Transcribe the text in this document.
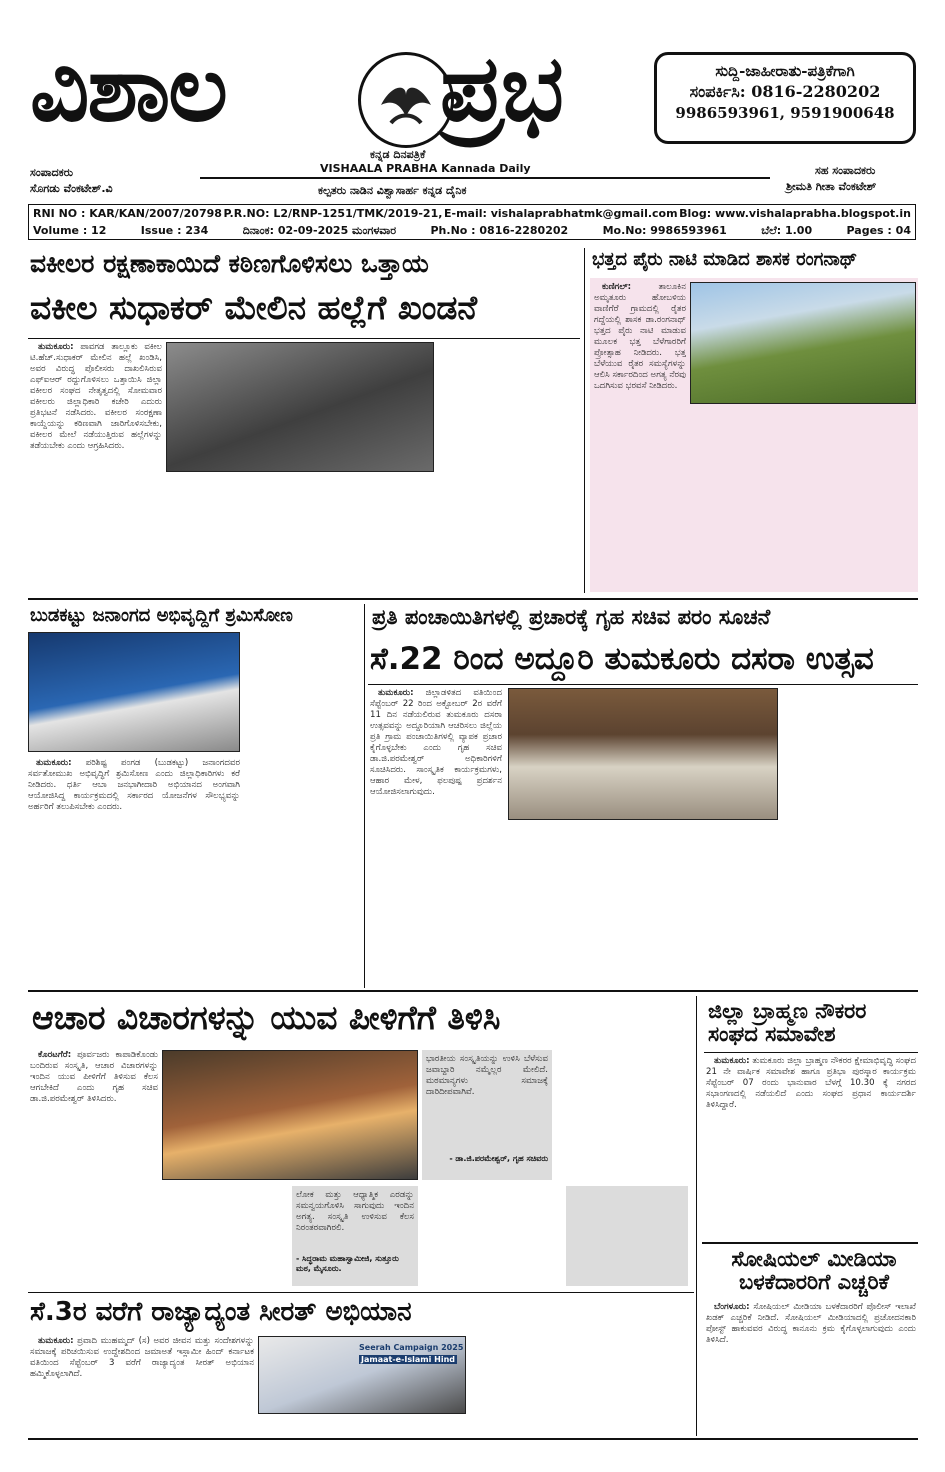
ವಿಶಾಲ ಪ್ರಭ
ಕನ್ನಡ ದಿನಪತ್ರಿಕೆ
VISHAALA PRABHA Kannada Daily
ಸುದ್ದಿ-ಜಾಹೀರಾತು-ಪತ್ರಿಕೆಗಾಗಿ
ಸಂಪರ್ಕಿಸಿ: 0816-2280202
9986593961, 9591900648
ಸಂಪಾದಕರು
ಸೊಗಡು ವೆಂಕಟೇಶ್.ವಿ
ಸಹ ಸಂಪಾದಕರು
ಶ್ರೀಮತಿ ಗೀತಾ ವೆಂಕಟೇಶ್
ಕಲ್ಪತರು ನಾಡಿನ ವಿಶ್ವಾಸಾರ್ಹ ಕನ್ನಡ ದೈನಿಕ
RNI NO : KAR/KAN/2007/20798 P.R.NO: L2/RNP-1251/TMK/2019-21, E-mail: vishalaprabhatmk@gmail.com Blog: www.vishalaprabha.blogspot.in
Volume : 12	Issue : 234	ದಿನಾಂಕ: 02-09-2025 ಮಂಗಳವಾರ	Ph.No : 0816-2280202	Mo.No: 9986593961	ಬೆಲೆ: 1.00	Pages : 04
ವಕೀಲರ ರಕ್ಷಣಾಕಾಯಿದೆ ಕಠಿಣಗೊಳಿಸಲು ಒತ್ತಾಯ
ವಕೀಲ ಸುಧಾಕರ್ ಮೇಲಿನ ಹಲ್ಲೆಗೆ ಖಂಡನೆ

ತುಮಕೂರು: ಪಾವಗಡ ತಾಲ್ಲೂಕು ವಕೀಲ ಟಿ.ಹೆಚ್.ಸುಧಾಕರ್ ಮೇಲಿನ ಹಲ್ಲೆ ಖಂಡಿಸಿ, ಅವರ ವಿರುದ್ಧ ಪೊಲೀಸರು ದಾಖಲಿಸಿರುವ ಎಫ್‌ಐಆರ್ ರದ್ದುಗೊಳಿಸಲು ಒತ್ತಾಯಿಸಿ ಜಿಲ್ಲಾ ವಕೀಲರ ಸಂಘದ ನೇತೃತ್ವದಲ್ಲಿ ಸೋಮವಾರ ವಕೀಲರು ಜಿಲ್ಲಾಧಿಕಾರಿ ಕಚೇರಿ ಎದುರು ಪ್ರತಿಭಟನೆ ನಡೆಸಿದರು. ವಕೀಲರ ಸಂರಕ್ಷಣಾ ಕಾಯ್ದೆಯನ್ನು ಕಠಿಣವಾಗಿ ಜಾರಿಗೊಳಿಸಬೇಕು, ವಕೀಲರ ಮೇಲೆ ನಡೆಯುತ್ತಿರುವ ಹಲ್ಲೆಗಳನ್ನು ತಡೆಯಬೇಕು ಎಂದು ಆಗ್ರಹಿಸಿದರು.

ಭತ್ತದ ಪೈರು ನಾಟಿ ಮಾಡಿದ ಶಾಸಕ ರಂಗನಾಥ್

ಕುಣಿಗಲ್:	ತಾಲೂಕಿನ ಅಮೃತೂರು ಹೋಬಳಿಯ ವಾಣಿಗೆರೆ ಗ್ರಾಮದಲ್ಲಿ ರೈತರ ಗದ್ದೆಯಲ್ಲಿ ಶಾಸಕ ಡಾ.ರಂಗನಾಥ್ ಭತ್ತದ ಪೈರು ನಾಟಿ ಮಾಡುವ ಮೂಲಕ ಭತ್ತ ಬೆಳೆಗಾರರಿಗೆ ಪ್ರೋತ್ಸಾಹ ನೀಡಿದರು. ಭತ್ತ ಬೆಳೆಯುವ ರೈತರ ಸಮಸ್ಯೆಗಳನ್ನು ಆಲಿಸಿ ಸರ್ಕಾರದಿಂದ ಅಗತ್ಯ ನೆರವು ಒದಗಿಸುವ ಭರವಸೆ ನೀಡಿದರು.

ಬುಡಕಟ್ಟು ಜನಾಂಗದ ಅಭಿವೃದ್ದಿಗೆ ಶ್ರಮಿಸೋಣ

ತುಮಕೂರು: ಪರಿಶಿಷ್ಟ ಪಂಗಡ (ಬುಡಕಟ್ಟು) ಜನಾಂಗದವರ ಸರ್ವತೋಮುಖ ಅಭಿವೃದ್ಧಿಗೆ ಶ್ರಮಿಸೋಣ ಎಂದು ಜಿಲ್ಲಾಧಿಕಾರಿಗಳು ಕರೆ ನೀಡಿದರು. ಧರ್ತಿ ಆಬಾ ಜನಭಾಗೀದಾರಿ ಅಭಿಯಾನದ ಅಂಗವಾಗಿ ಆಯೋಜಿಸಿದ್ದ ಕಾರ್ಯಕ್ರಮದಲ್ಲಿ ಸರ್ಕಾರದ ಯೋಜನೆಗಳ ಸೌಲಭ್ಯವನ್ನು ಅರ್ಹರಿಗೆ ತಲುಪಿಸಬೇಕು ಎಂದರು.

ಪ್ರತಿ ಪಂಚಾಯಿತಿಗಳಲ್ಲಿ ಪ್ರಚಾರಕ್ಕೆ ಗೃಹ ಸಚಿವ ಪರಂ ಸೂಚನೆ
ಸೆ.22 ರಿಂದ ಅದ್ದೂರಿ ತುಮಕೂರು ದಸರಾ ಉತ್ಸವ

ತುಮಕೂರು: ಜಿಲ್ಲಾಡಳಿತದ ವತಿಯಿಂದ ಸೆಪ್ಟೆಂಬರ್ 22 ರಿಂದ ಅಕ್ಟೋಬರ್ 2ರ ವರೆಗೆ 11 ದಿನ ನಡೆಯಲಿರುವ ತುಮಕೂರು ದಸರಾ ಉತ್ಸವವನ್ನು ಅದ್ದೂರಿಯಾಗಿ ಆಚರಿಸಲು ಜಿಲ್ಲೆಯ ಪ್ರತಿ ಗ್ರಾಮ ಪಂಚಾಯಿತಿಗಳಲ್ಲಿ ವ್ಯಾಪಕ ಪ್ರಚಾರ ಕೈಗೊಳ್ಳಬೇಕು ಎಂದು ಗೃಹ ಸಚಿವ ಡಾ.ಜಿ.ಪರಮೇಶ್ವರ್ ಅಧಿಕಾರಿಗಳಿಗೆ ಸೂಚಿಸಿದರು. ಸಾಂಸ್ಕೃತಿಕ ಕಾರ್ಯಕ್ರಮಗಳು, ಆಹಾರ ಮೇಳ, ಫಲಪುಷ್ಪ ಪ್ರದರ್ಶನ ಆಯೋಜಿಸಲಾಗುವುದು.

ಆಚಾರ ವಿಚಾರಗಳನ್ನು ಯುವ ಪೀಳಿಗೆಗೆ ತಿಳಿಸಿ

ಕೊರಟಗೆರೆ: ಪೂರ್ವಜರು ಕಾಪಾಡಿಕೊಂಡು ಬಂದಿರುವ ಸಂಸ್ಕೃತಿ, ಆಚಾರ ವಿಚಾರಗಳನ್ನು ಇಂದಿನ ಯುವ ಪೀಳಿಗೆಗೆ ತಿಳಿಸುವ ಕೆಲಸ ಆಗಬೇಕಿದೆ ಎಂದು ಗೃಹ ಸಚಿವ ಡಾ.ಜಿ.ಪರಮೇಶ್ವರ್ ತಿಳಿಸಿದರು.

ಭಾರತೀಯ ಸಂಸ್ಕೃತಿಯನ್ನು ಉಳಿಸಿ ಬೆಳೆಸುವ ಜವಾಬ್ದಾರಿ ನಮ್ಮೆಲ್ಲರ ಮೇಲಿದೆ. ಮಠಮಾನ್ಯಗಳು ಸಮಾಜಕ್ಕೆ ದಾರಿದೀಪವಾಗಿವೆ.
- ಡಾ.ಜಿ.ಪರಮೇಶ್ವರ್, ಗೃಹ ಸಚಿವರು
ಲೋಕ ಮತ್ತು ಆಧ್ಯಾತ್ಮಿಕ ಎರಡನ್ನು ಸಮನ್ವಯಗೊಳಿಸಿ ಸಾಗುವುದು ಇಂದಿನ ಅಗತ್ಯ. ಸಂಸ್ಕೃತಿ ಉಳಿಸುವ ಕೆಲಸ ನಿರಂತರವಾಗಿರಲಿ.
- ಸಿದ್ಧರಾಮ ಮಹಾಸ್ವಾಮೀಜಿ, ಸುತ್ತೂರು ಮಠ, ಮೈಸೂರು.
ಜಿಲ್ಲಾ ಬ್ರಾಹ್ಮಣ ನೌಕರರ ಸಂಘದ ಸಮಾವೇಶ

ತುಮಕೂರು: ತುಮಕೂರು ಜಿಲ್ಲಾ ಬ್ರಾಹ್ಮಣ ನೌಕರರ ಕ್ಷೇಮಾಭಿವೃದ್ಧಿ ಸಂಘದ 21 ನೇ ವಾರ್ಷಿಕ ಸಮಾವೇಶ ಹಾಗೂ ಪ್ರತಿಭಾ ಪುರಸ್ಕಾರ ಕಾರ್ಯಕ್ರಮ ಸೆಪ್ಟೆಂಬರ್ 07 ರಂದು ಭಾನುವಾರ ಬೆಳಗ್ಗೆ 10.30 ಕ್ಕೆ ನಗರದ ಸಭಾಂಗಣದಲ್ಲಿ ನಡೆಯಲಿದೆ ಎಂದು ಸಂಘದ ಪ್ರಧಾನ ಕಾರ್ಯದರ್ಶಿ ತಿಳಿಸಿದ್ದಾರೆ.

ಸೋಷಿಯಲ್ ಮೀಡಿಯಾ ಬಳಕೆದಾರರಿಗೆ ಎಚ್ಚರಿಕೆ

ಬೆಂಗಳೂರು: ಸೋಷಿಯಲ್ ಮೀಡಿಯಾ ಬಳಕೆದಾರರಿಗೆ ಪೊಲೀಸ್ ಇಲಾಖೆ ಖಡಕ್ ಎಚ್ಚರಿಕೆ ನೀಡಿದೆ. ಸೋಷಿಯಲ್ ಮೀಡಿಯಾದಲ್ಲಿ ಪ್ರಚೋದನಕಾರಿ ಪೋಸ್ಟ್ ಹಾಕುವವರ ವಿರುದ್ಧ ಕಾನೂನು ಕ್ರಮ ಕೈಗೊಳ್ಳಲಾಗುವುದು ಎಂದು ತಿಳಿಸಿದೆ.

ಸೆ.3ರ ವರೆಗೆ ರಾಜ್ಯಾದ್ಯಂತ ಸೀರತ್ ಅಭಿಯಾನ

ತುಮಕೂರು: ಪ್ರವಾದಿ ಮುಹಮ್ಮದ್ (ಸ) ಅವರ ಜೀವನ ಮತ್ತು ಸಂದೇಶಗಳನ್ನು ಸಮಾಜಕ್ಕೆ ಪರಿಚಯಿಸುವ ಉದ್ದೇಶದಿಂದ ಜಮಾಅತೆ ಇಸ್ಲಾಮೀ ಹಿಂದ್ ಕರ್ನಾಟಕ ವತಿಯಿಂದ ಸೆಪ್ಟೆಂಬರ್ 3 ವರೆಗೆ ರಾಜ್ಯಾದ್ಯಂತ ಸೀರತ್ ಅಭಿಯಾನ ಹಮ್ಮಿಕೊಳ್ಳಲಾಗಿದೆ.

Seerah Campaign 2025
Jamaat-e-Islami Hind
